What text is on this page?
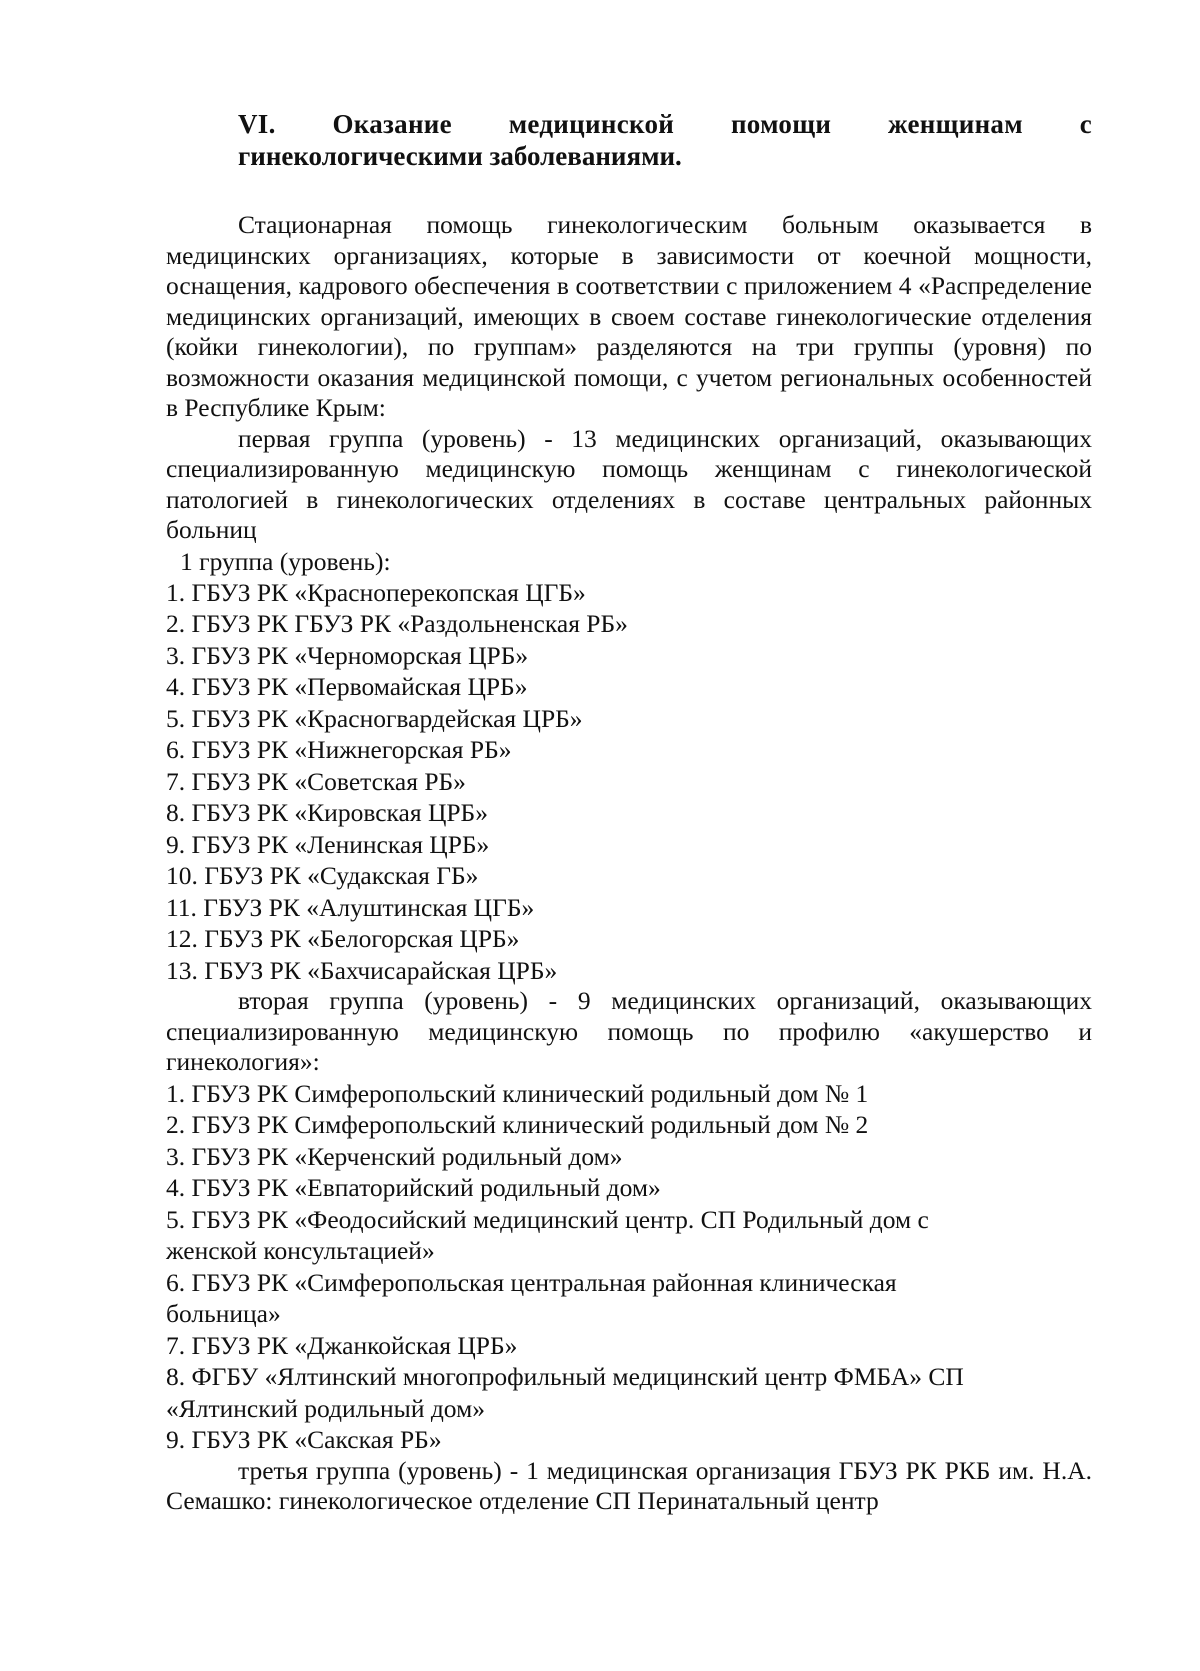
VI. Оказание медицинской помощи женщинам с
гинекологическими заболеваниями.

Стационарная помощь гинекологическим больным оказывается в медицинских организациях, которые в зависимости от коечной мощности, оснащения, кадрового обеспечения в соответствии с приложением 4 «Распределение медицинских организаций, имеющих в своем составе гинекологические отделения (койки гинекологии), по группам» разделяются на три группы (уровня) по возможности оказания медицинской помощи, с учетом региональных особенностей в Республике Крым:

первая группа (уровень) - 13 медицинских организаций, оказывающих специализированную медицинскую помощь женщинам с гинекологической патологией в гинекологических отделениях в составе центральных районных больниц

1 группа (уровень):

1. ГБУЗ РК «Красноперекопская ЦГБ»

2. ГБУЗ РК ГБУЗ РК «Раздольненская РБ»

3. ГБУЗ РК «Черноморская ЦРБ»

4. ГБУЗ РК «Первомайская ЦРБ»

5. ГБУЗ РК «Красногвардейская ЦРБ»

6. ГБУЗ РК «Нижнегорская РБ»

7. ГБУЗ РК «Советская РБ»

8. ГБУЗ РК «Кировская ЦРБ»

9. ГБУЗ РК «Ленинская ЦРБ»

10. ГБУЗ РК «Судакская ГБ»

11. ГБУЗ РК «Алуштинская ЦГБ»

12. ГБУЗ РК «Белогорская ЦРБ»

13. ГБУЗ РК «Бахчисарайская ЦРБ»

вторая группа (уровень) - 9 медицинских организаций, оказывающих специализированную медицинскую помощь по профилю «акушерство и гинекология»:

1. ГБУЗ РК Симферопольский клинический родильный дом № 1

2. ГБУЗ РК Симферопольский клинический родильный дом № 2

3. ГБУЗ РК «Керченский родильный дом»

4. ГБУЗ РК «Евпаторийский родильный дом»

5. ГБУЗ РК «Феодосийский медицинский центр. СП Родильный дом с женской консультацией»

6. ГБУЗ РК «Симферопольская центральная районная клиническая больница»

7. ГБУЗ РК «Джанкойская ЦРБ»

8. ФГБУ «Ялтинский многопрофильный медицинский центр ФМБА» СП «Ялтинский родильный дом»

9. ГБУЗ РК «Сакская РБ»

третья группа (уровень) - 1 медицинская организация ГБУЗ РК РКБ им. Н.А. Семашко: гинекологическое отделение СП Перинатальный центр
